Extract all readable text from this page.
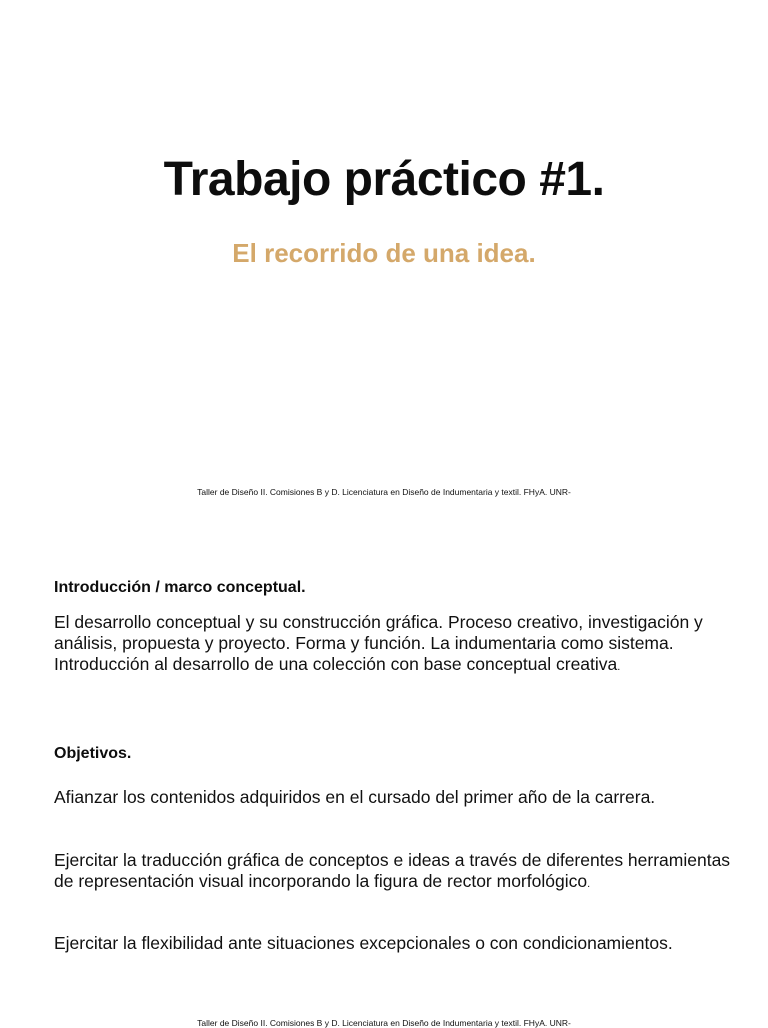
Trabajo práctico #1.
El recorrido de una idea.

Taller de Diseño II. Comisiones B y D. Licenciatura en Diseño de Indumentaria y textil. FHyA. UNR-

Introducción / marco conceptual.

El desarrollo conceptual y su construcción gráfica. Proceso creativo, investigación y análisis, propuesta y proyecto. Forma y función. La indumentaria como sistema. Introducción al desarrollo de una colección con base conceptual creativa.

Objetivos.

Afianzar los contenidos adquiridos en el cursado del primer año de la carrera.

Ejercitar la traducción gráfica de conceptos e ideas a través de diferentes herramientas de representación visual incorporando la figura de rector morfológico.

Ejercitar la flexibilidad ante situaciones excepcionales o con condicionamientos.

Taller de Diseño II. Comisiones B y D. Licenciatura en Diseño de Indumentaria y textil. FHyA. UNR-
